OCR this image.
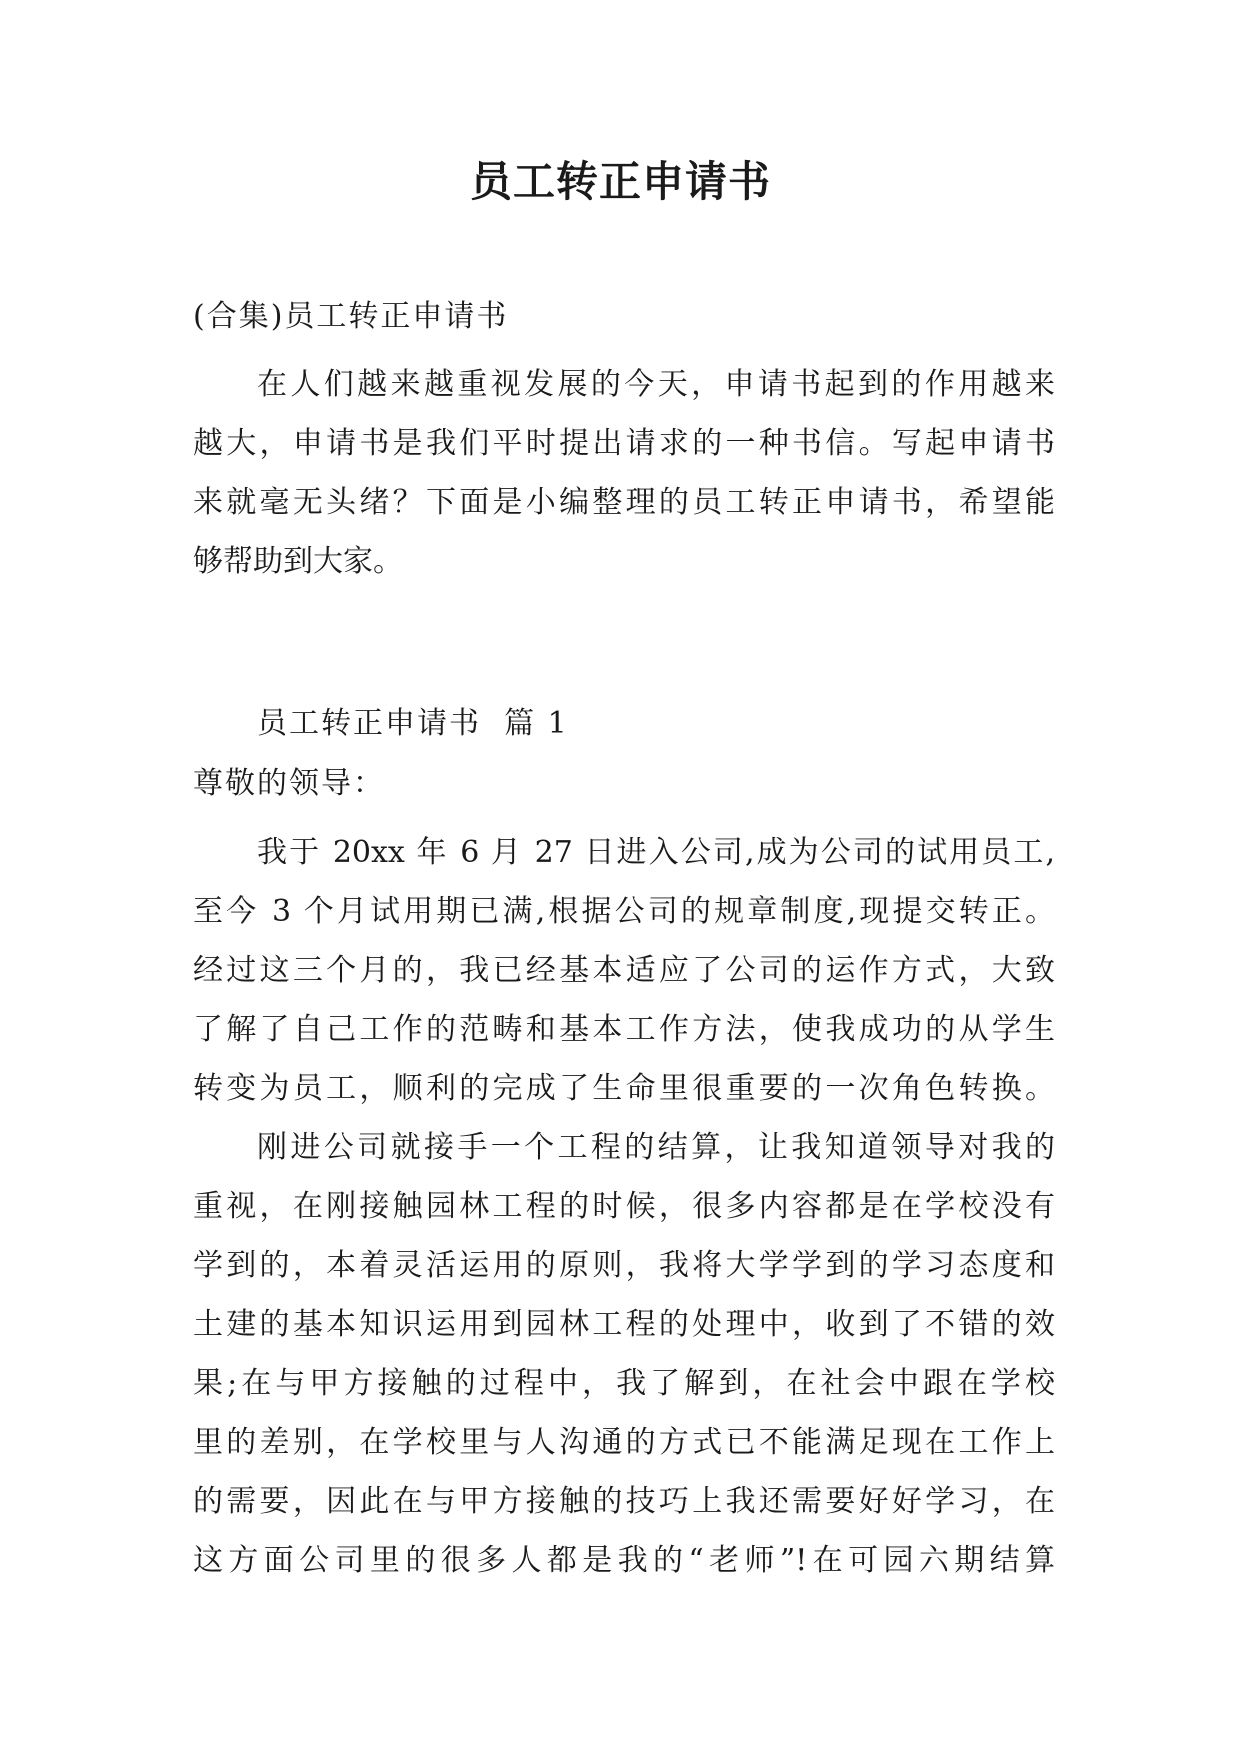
员工转正申请书

(合集)员工转正申请书

在人们越来越重视发展的今天，申请书起到的作用越来
越大，申请书是我们平时提出请求的一种书信。写起申请书
来就毫无头绪？下面是小编整理的员工转正申请书，希望能
够帮助到大家。

员工转正申请书  篇 1

尊敬的领导：

我于 20xx 年 6 月 27 日进入公司,成为公司的试用员工,
至今 3 个月试用期已满,根据公司的规章制度,现提交转正。
经过这三个月的，我已经基本适应了公司的运作方式，大致
了解了自己工作的范畴和基本工作方法，使我成功的从学生
转变为员工，顺利的完成了生命里很重要的一次角色转换。
刚进公司就接手一个工程的结算，让我知道领导对我的
重视，在刚接触园林工程的时候，很多内容都是在学校没有
学到的，本着灵活运用的原则，我将大学学到的学习态度和
土建的基本知识运用到园林工程的处理中，收到了不错的效
果;在与甲方接触的过程中，我了解到，在社会中跟在学校
里的差别，在学校里与人沟通的方式已不能满足现在工作上
的需要，因此在与甲方接触的技巧上我还需要好好学习，在
这方面公司里的很多人都是我的“老师”!在可园六期结算
